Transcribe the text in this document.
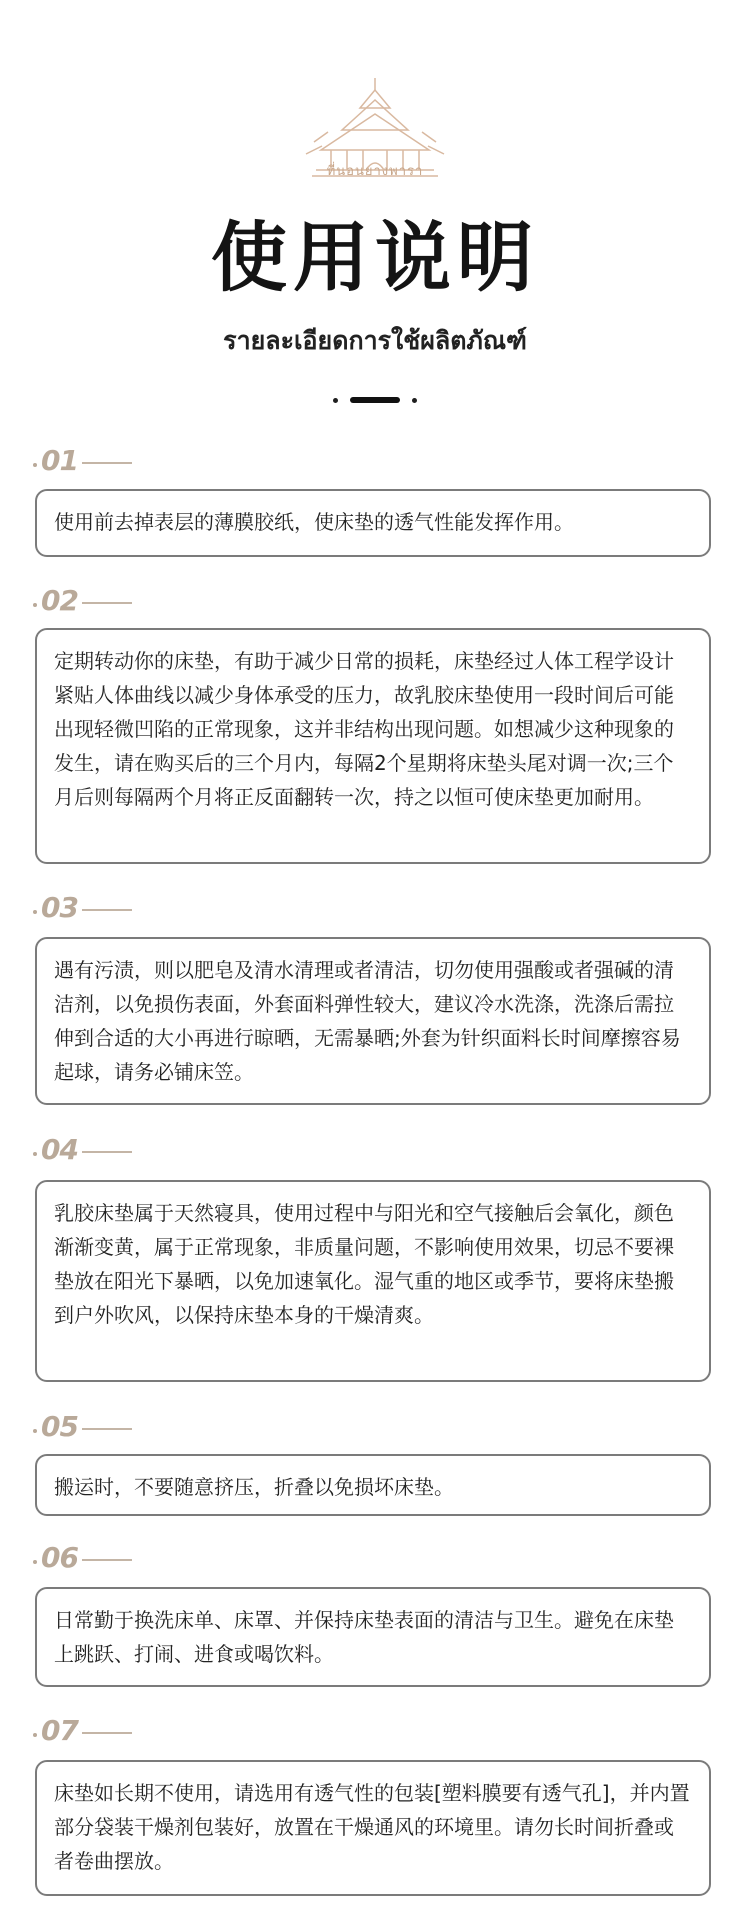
ที่นอนยางพารา
使用说明
รายละเอียดการใช้ผลิตภัณฑ์
01
使用前去掉表层的薄膜胶纸，使床垫的透气性能发挥作用。
02
定期转动你的床垫，有助于减少日常的损耗，床垫经过人体工程学设计紧贴人体曲线以减少身体承受的压力，故乳胶床垫使用一段时间后可能出现轻微凹陷的正常现象，这并非结构出现问题。如想减少这种现象的发生，请在购买后的三个月内，每隔2个星期将床垫头尾对调一次;三个月后则每隔两个月将正反面翻转一次，持之以恒可使床垫更加耐用。
03
遇有污渍，则以肥皂及清水清理或者清洁，切勿使用强酸或者强碱的清洁剂，以免损伤表面，外套面料弹性较大，建议冷水洗涤，洗涤后需拉伸到合适的大小再进行晾晒，无需暴晒;外套为针织面料长时间摩擦容易起球，请务必铺床笠。
04
乳胶床垫属于天然寝具，使用过程中与阳光和空气接触后会氧化，颜色渐渐变黄，属于正常现象，非质量问题，不影响使用效果，切忌不要裸垫放在阳光下暴晒，以免加速氧化。湿气重的地区或季节，要将床垫搬到户外吹风，以保持床垫本身的干燥清爽。
05
搬运时，不要随意挤压，折叠以免损坏床垫。
06
日常勤于换洗床单、床罩、并保持床垫表面的清洁与卫生。避免在床垫上跳跃、打闹、进食或喝饮料。
07
床垫如长期不使用，请选用有透气性的包装[塑料膜要有透气孔]，并内置部分袋装干燥剂包装好，放置在干燥通风的环境里。请勿长时间折叠或者卷曲摆放。
